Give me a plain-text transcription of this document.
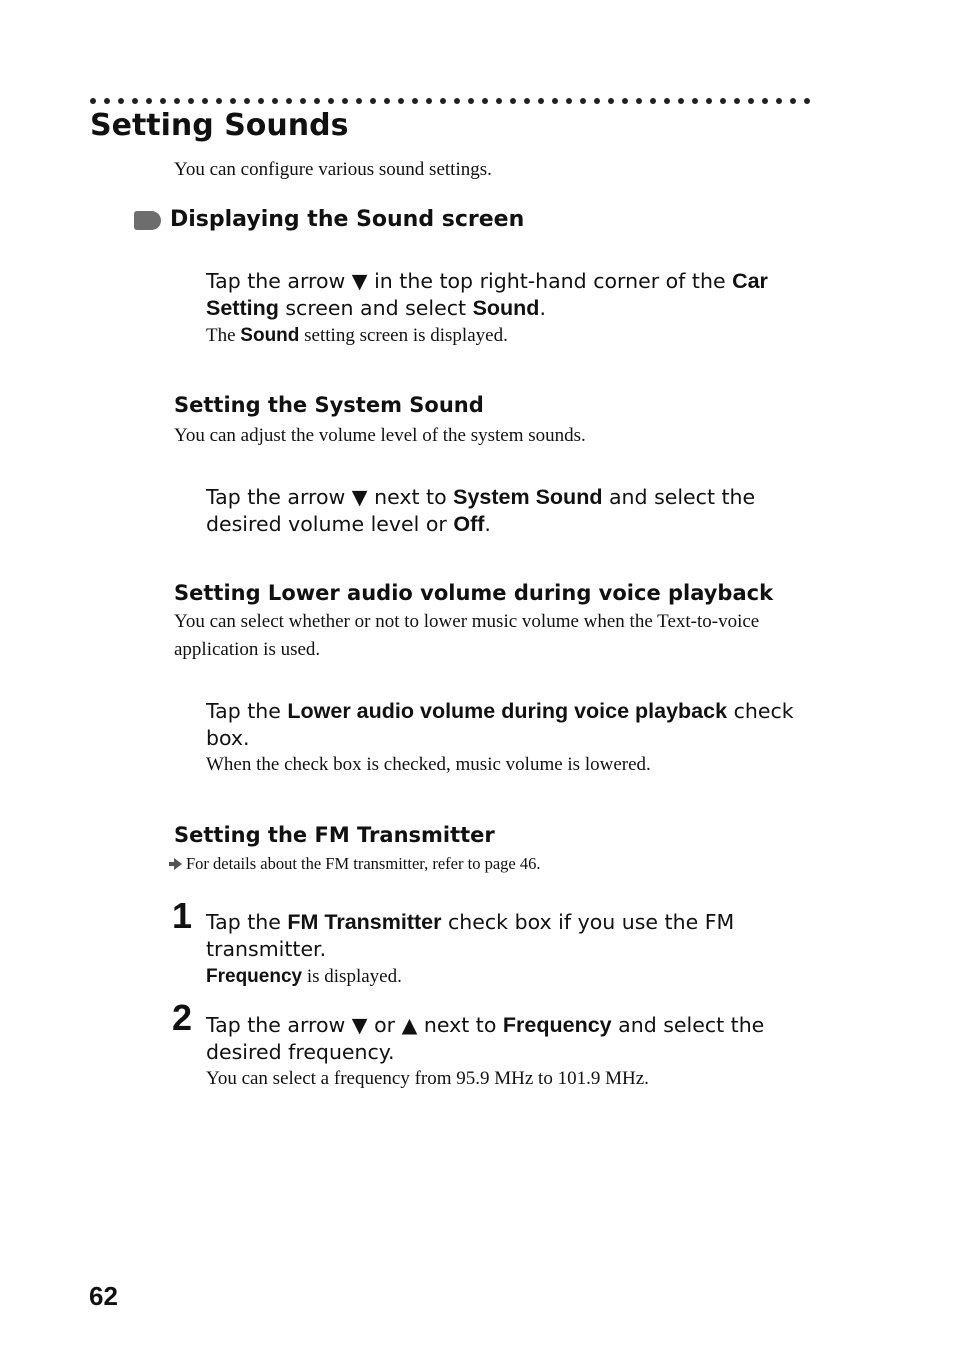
Setting Sounds
You can configure various sound settings.
Displaying the Sound screen
Tap the arrow ▼ in the top right-hand corner of the Car Setting screen and select Sound.
The Sound setting screen is displayed.
Setting the System Sound
You can adjust the volume level of the system sounds.
Tap the arrow ▼ next to System Sound and select the desired volume level or Off.
Setting Lower audio volume during voice playback
You can select whether or not to lower music volume when the Text-to-voice application is used.
Tap the Lower audio volume during voice playback check box.
When the check box is checked, music volume is lowered.
Setting the FM Transmitter
For details about the FM transmitter, refer to page 46.
1 Tap the FM Transmitter check box if you use the FM transmitter.
Frequency is displayed.
2 Tap the arrow ▼ or ▲ next to Frequency and select the desired frequency.
You can select a frequency from 95.9 MHz to 101.9 MHz.
62
